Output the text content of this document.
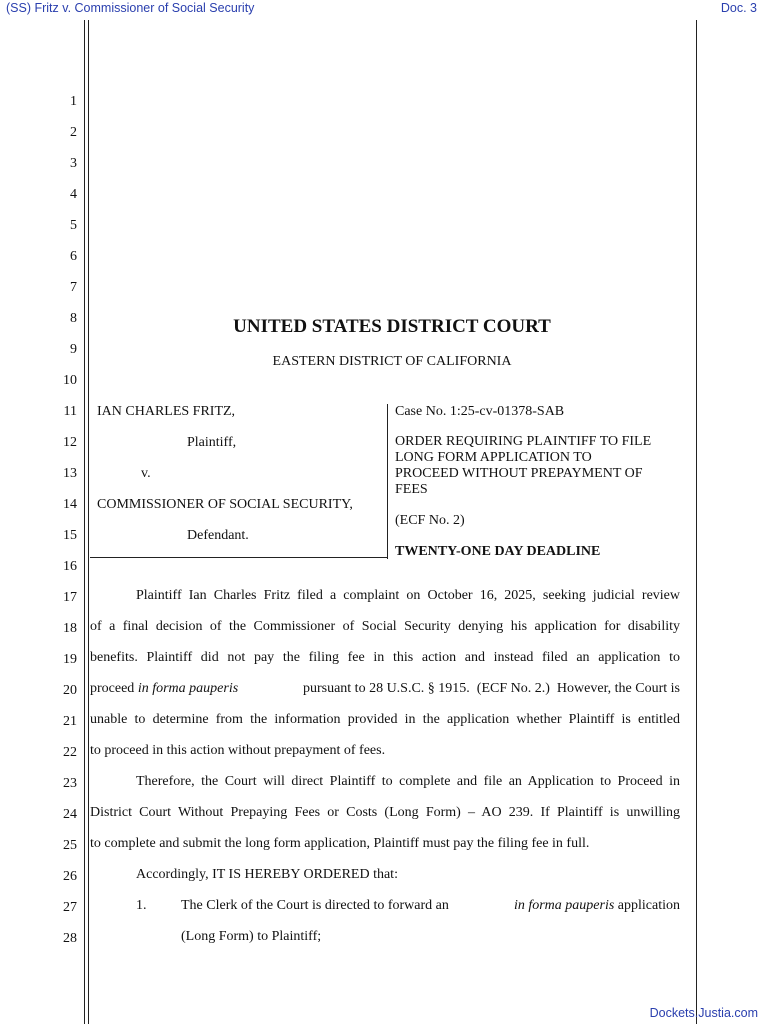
(SS) Fritz v. Commissioner of Social Security	Doc. 3
1
2
3
4
5
6
7
8
9
10
11
12
13
14
15
16
17
18
19
20
21
22
23
24
25
26
27
28
UNITED STATES DISTRICT COURT
EASTERN DISTRICT OF CALIFORNIA
IAN CHARLES FRITZ,
Plaintiff,
v.
COMMISSIONER OF SOCIAL SECURITY,
Defendant.
Case No. 1:25-cv-01378-SAB
ORDER REQUIRING PLAINTIFF TO FILE
LONG FORM APPLICATION TO
PROCEED WITHOUT PREPAYMENT OF
FEES
(ECF No. 2)
TWENTY-ONE DAY DEADLINE
Plaintiff Ian Charles Fritz filed a complaint on October 16, 2025, seeking judicial review
of a final decision of the Commissioner of Social Security denying his application for disability
benefits. Plaintiff did not pay the filing fee in this action and instead filed an application to
proceed in forma pauperis	pursuant to 28 U.S.C. § 1915.  (ECF No. 2.)  However, the Court is
unable to determine from the information provided in the application whether Plaintiff is entitled
to proceed in this action without prepayment of fees.
Therefore, the Court will direct Plaintiff to complete and file an Application to Proceed in
District Court Without Prepaying Fees or Costs (Long Form) – AO 239. If Plaintiff is unwilling
to complete and submit the long form application, Plaintiff must pay the filing fee in full.
Accordingly, IT IS HEREBY ORDERED that:
1. The Clerk of the Court is directed to forward an	in forma pauperis application
(Long Form) to Plaintiff;
Dockets.Justia.com
